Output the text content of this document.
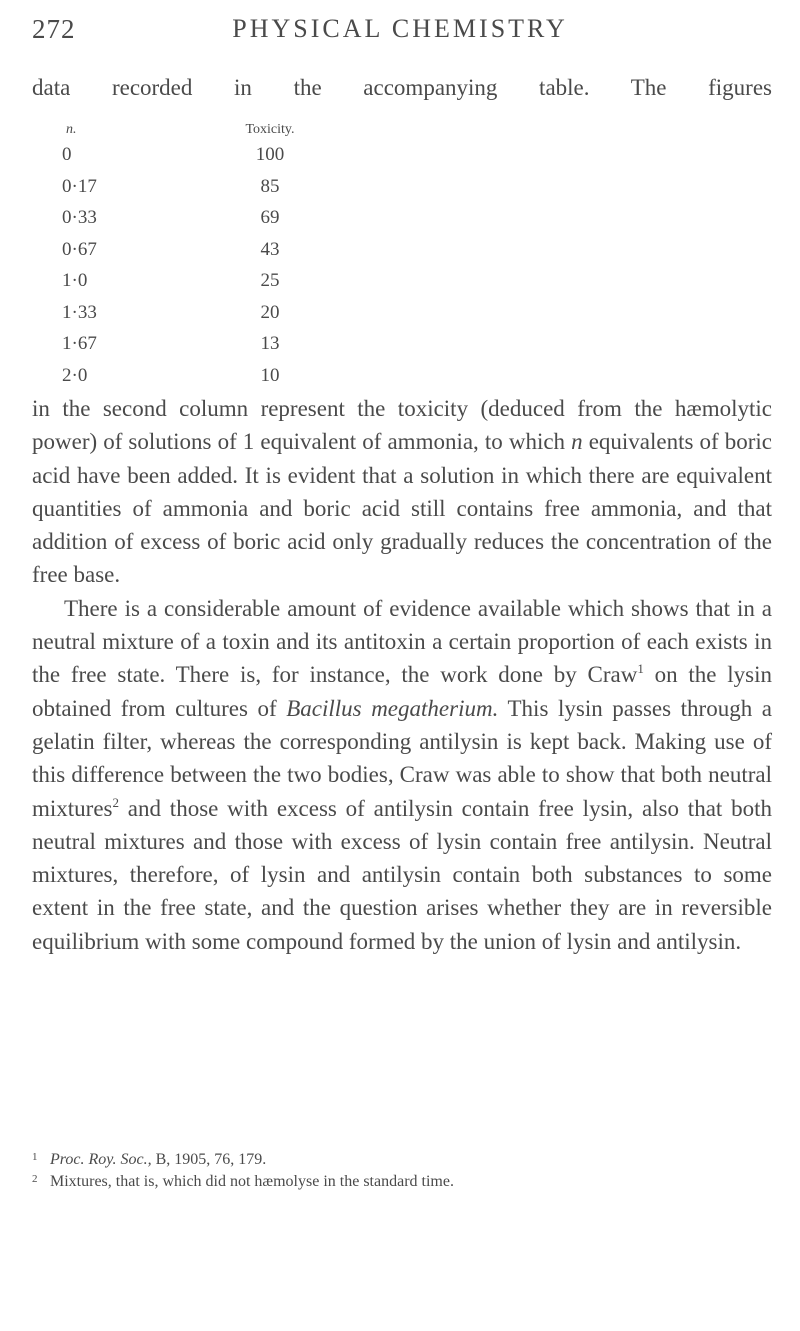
272	PHYSICAL CHEMISTRY
data recorded in the accompanying table. The figures
n.	Toxicity.
0	100
0·17	85
0·33	69
0·67	43
1·0	25
1·33	20
1·67	13
2·0	10

in the second column represent the toxicity (deduced from the hæmolytic power) of solutions of 1 equivalent of ammonia, to which n equivalents of boric acid have been added. It is evident that a solution in which there are equivalent quantities of ammonia and boric acid still contains free ammonia, and that addition of excess of boric acid only gradually reduces the concentration of the free base.

There is a considerable amount of evidence available which shows that in a neutral mixture of a toxin and its antitoxin a certain proportion of each exists in the free state. There is, for instance, the work done by Craw$^1$ on the lysin obtained from cultures of Bacillus megatherium. This lysin passes through a gelatin filter, whereas the corresponding antilysin is kept back. Making use of this difference between the two bodies, Craw was able to show that both neutral mixtures$^2$ and those with excess of antilysin contain free lysin, also that both neutral mixtures and those with excess of lysin contain free antilysin. Neutral mixtures, therefore, of lysin and antilysin contain both substances to some extent in the free state, and the question arises whether they are in reversible equilibrium with some compound formed by the union of lysin and antilysin.

1 Proc. Roy. Soc., B, 1905, 76, 179.
2 Mixtures, that is, which did not hæmolyse in the standard time.
